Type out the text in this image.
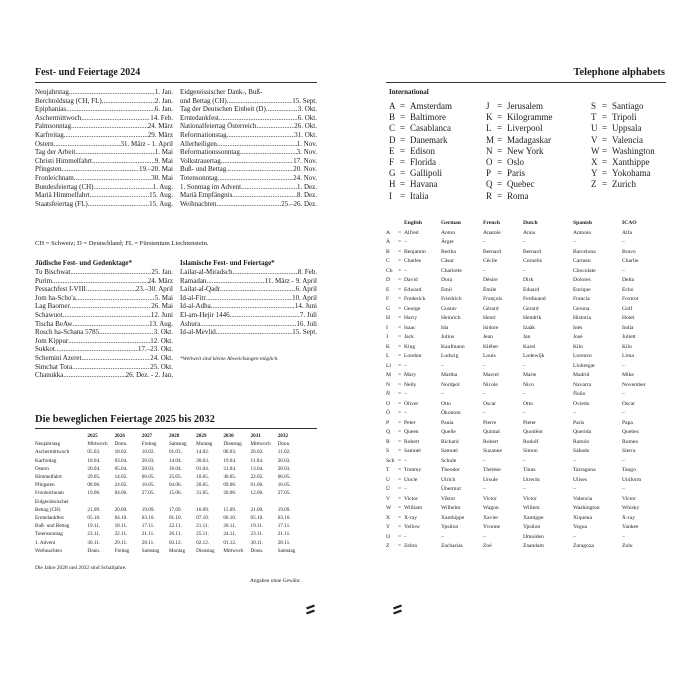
Fest- und Feiertage 2024
Neujahrstag .....	1. Jan.
Berchtoldstag (CH, FL) .....	2. Jan.
Epiphanias .....	6. Jan.
Aschermittwoch .....	14. Feb.
Palmsonntag .....	24. März
Karfreitag .....	29. März
Ostern .....	31. März - 1. April
Tag der Arbeit .....	1. Mai
Christi Himmelfahrt .....	9. Mai
Pfingsten .....	19.–20. Mai
Fronleichnam .....	30. Mai
Bundesfeiertag (CH) .....	1. Aug.
Mariä Himmelfahrt .....	15. Aug.
Staatsfeiertag (FL) .....	15. Aug.
Eidgenössischer Dank-, Buß-
und Bettag (CH) .....	15. Sept.
Tag der Deutschen Einheit (D) .....	3. Okt.
Erntedankfest .....	6. Okt.
Nationalfeiertag Österreich .....	26. Okt.
Reformationstag .....	31. Okt.
Allerheiligen .....	1. Nov.
Reformationssonntag .....	3. Nov.
Volkstrauertag .....	17. Nov.
Buß- und Bettag .....	20. Nov.
Totensonntag .....	24. Nov.
1. Sonntag im Advent .....	1. Dez.
Mariä Empfängnis .....	8. Dez.
Weihnachten .....	25.–26. Dez.
CH = Schweiz; D = Deutschland; FL = Fürstentum Liechtenstein.
Jüdische Fest- und Gedenktage*
Tu Bischwat .....	25. Jan.
Purim .....	24. März
Pessachfest I-VIII .....	23.–30. April
Jom ha-Scho'a .....	5. Mai
Lag Baomer .....	26. Mai
Schawuot .....	12. Juni
Tischa BeAw .....	13. Aug.
Rosch ha-Schana 5785 .....	3. Okt.
Jom Kippur .....	12. Okt.
Sukkot .....	17.–23. Okt.
Schemini Azeret .....	24. Okt.
Simchat Tora .....	25. Okt.
Chanukka .....	26. Dez. - 2. Jan.
Islamische Fest- und Feiertage*
Lailat-al-Miradsch .....	8. Feb.
Ramadan .....	11. März - 9. April
Lailat-al-Qadr .....	6. April
Id-al-Fitr .....	10. April
Id-al-Adha .....	14. Juni
El-am-Hejir 1446 .....	7. Juli
Ashura .....	16. Juli
Id-al-Mevlid .....	15. Sept.
*Weltweit sind kleine Abweichungen möglich.
Die beweglichen Feiertage 2025 bis 2032
	2025	2026	2027	2028	2029	2030	2031	2032
Neujahrstag	Mittwoch	Donn.	Freitag	Samstag	Montag	Dienstag	Mittwoch	Donn.
Aschermittwoch	05.03.	18.02.	10.02.	01.03.	14.02.	06.03.	26.02.	11.02.
Karfreitag	18.04.	03.04.	26.03.	14.04.	30.03.	19.04.	11.04.	26.03.
Ostern	20.04.	05.04.	28.03.	16.04.	01.04.	21.04.	13.04.	28.03.
Himmelfahrt	29.05.	14.05.	06.05.	25.05.	10.05.	30.05.	22.05.	06.05.
Pfingsten	08.06.	24.05.	16.05.	04.06.	20.05.	09.06.	01.06.	16.05.
Fronleichnam	19.06.	04.06.	27.05.	15.06.	31.05.	20.06.	12.06.	27.05.
Eidgenössischer								
Bettag (CH)	21.09.	20.09.	19.09.	17.09.	16.09.	15.09.	21.09.	19.09.
Erntedankfest	05.10.	04.10.	03.10.	01.10.	07.10.	06.10.	05.10.	03.10.
Buß- und Bettag	19.11.	18.11.	17.11.	22.11.	21.11.	20.11.	19.11.	17.11.
Totensonntag	23.11.	22.11.	21.11.	26.11.	25.11.	24.11.	23.11.	21.11.
1. Advent	30.11.	29.11.	28.11.	03.12.	02.12.	01.12.	30.11.	28.11.
Weihnachten	Donn.	Freitag	Samstag	Montag	Dienstag	Mittwoch	Donn.	Samstag
Die Jahre 2028 und 2032 sind Schaltjahre.
Angaben ohne Gewähr.
Telephone alphabets
International
A = Amsterdam
B = Baltimore
C = Casablanca
D = Danemark
E = Edison
F = Florida
G = Gallipoli
H = Havana
I = Italia
J = Jerusalem
K = Kilogramme
L = Liverpool
M = Madagaskar
N = New York
O = Oslo
P = Paris
Q = Quebec
R = Roma
S = Santiago
T = Tripoli
U = Uppsala
V = Valencia
W = Washington
X = Xanthippe
Y = Yokohama
Z = Zurich
		English	German	French	Dutch	Spanish	ICAO
A	=	Alfred	Anton	Anatole	Anna	Antonio	Alfa
Ä	=	–	Ärger	–	–	–	–
B	=	Benjamin	Bertha	Bernard	Bernard	Barcelona	Bravo
C	=	Charles	Cäsar	Cécile	Cornelis	Carmen	Charlie
Ch	=	–	Charlotte	–	–	Chocolate	–
D	=	David	Dora	Désire	Dirk	Dolores	Delta
E	=	Edward	Emil	Émile	Eduard	Enrique	Echo
F	=	Frederick	Friedrich	François	Ferdinand	Francia	Foxtrot
G	=	George	Gustav	Gérard	Gerard	Gerona	Golf
H	=	Harry	Heinrich	Henri	Hendrik	Historia	Hotel
I	=	Isaac	Ida	Isidore	Izaäk	Inés	India
J	=	Jack	Julius	Jean	Jan	José	Juliett
K	=	King	Kaufmann	Kléber	Karel	Kilo	Kilo
L	=	London	Ludwig	Louis	Lodewijk	Lorenzo	Lima
Ll	=	–	–	–	–	Llobregat	–
M	=	Mary	Martha	Marcel	Marie	Madrid	Mike
N	=	Nelly	Nordpol	Nicole	Nico	Navarra	November
Ñ	=	–	–	–	–	Ñoño	–
O	=	Oliver	Otto	Oscar	Otto	Oviedo	Oscar
Ö	=	–	Ökonom	–	–	–	–
P	=	Peter	Paula	Pierre	Pieter	Paris	Papa
Q	=	Queen	Quelle	Quintal	Quotiënt	Querida	Quebec
R	=	Robert	Richard	Robert	Rudolf	Ramón	Romeo
S	=	Samuel	Samuel	Suzanne	Simon	Sábado	Sierra
Sch	=	–	Schule	–	–	–	–
T	=	Tommy	Theodor	Thérèse	Tinus	Tarragona	Tango
U	=	Uncle	Ulrich	Ursule	Utrecht	Ulises	Uniform
Ü	=	–	Übermut	–	–	–	–
V	=	Victor	Viktor	Victor	Victor	Valencia	Victor
W	=	William	Wilhelm	Wagon	Willem	Washington	Whisky
X	=	X-ray	Xanthippe	Xavier	Xantippe	Xiquena	X-ray
Y	=	Yellow	Ypsilon	Yvonne	Ypsilon	Yegua	Yankee
IJ	=	–	–	–	IJmuiden	–	–
Z	=	Zebra	Zacharias	Zoé	Zaandam	Zaragoza	Zulu
